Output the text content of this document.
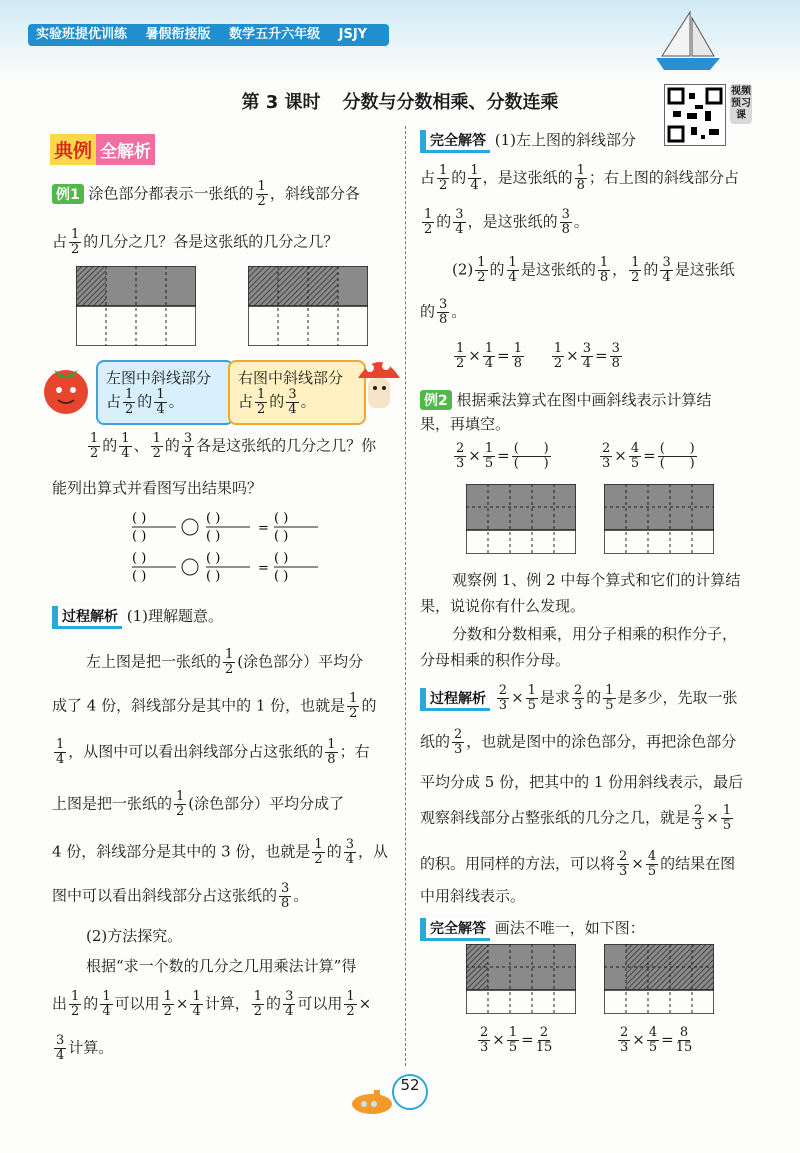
实验班提优训练 暑假衔接版 数学五升六年级 JSJY
第 3 课时 分数与分数相乘、分数连乘
视频预习课
典例 全解析
例1 涂色部分都表示一张纸的 $\frac{1}{2}$ ，斜线部分各
占 $\frac{1}{2}$ 的几分之几？各是这张纸的几分之几？
左图中斜线部分
占 $\frac{1}{2}$ 的 $\frac{1}{4}$ 。
右图中斜线部分
占 $\frac{1}{2}$ 的 $\frac{3}{4}$ 。
$\frac{1}{2}$ 的 $\frac{1}{4}$ 、 $\frac{1}{2}$ 的 $\frac{3}{4}$ 各是这张纸的几分之几？你
能列出算式并看图写出结果吗？
( )
( )
( )
( )
=
( )
( )
( )
( )
( )
( )
=
( )
( )
过程解析 (1)理解题意。
左上图是把一张纸的 $\frac{1}{2}$ (涂色部分）平均分
成了 4 份，斜线部分是其中的 1 份，也就是 $\frac{1}{2}$ 的
$\frac{1}{4}$ ，从图中可以看出斜线部分占这张纸的 $\frac{1}{8}$ ；右
上图是把一张纸的 $\frac{1}{2}$ (涂色部分）平均分成了
4 份，斜线部分是其中的 3 份，也就是 $\frac{1}{2}$ 的 $\frac{3}{4}$ ，从
图中可以看出斜线部分占这张纸的 $\frac{3}{8}$ 。
(2)方法探究。
根据“求一个数的几分之几用乘法计算”得
出 $\frac{1}{2}$ 的 $\frac{1}{4}$ 可以用 $\frac{1}{2} \times \frac{1}{4}$ 计算， $\frac{1}{2}$ 的 $\frac{3}{4}$ 可以用 $\frac{1}{2}$ ×
$\frac{3}{4}$ 计算。
完全解答 (1)左上图的斜线部分
占 $\frac{1}{2}$ 的 $\frac{1}{4}$ ，是这张纸的 $\frac{1}{8}$ ；右上图的斜线部分占
$\frac{1}{2}$ 的 $\frac{3}{4}$ ，是这张纸的 $\frac{3}{8}$ 。
$(2) \frac{1}{2}$ 的 $\frac{1}{4}$ 是这张纸的 $\frac{1}{8}$ ， $\frac{1}{2}$ 的 $\frac{3}{4}$ 是这张纸
的 $\frac{3}{8}$ 。
$\frac{1}{2} \times \frac{1}{4} = \frac{1}{8}$
$\frac{1}{2} \times \frac{3}{4} = \frac{3}{8}$
例2 根据乘法算式在图中画斜线表示计算结
果，再填空。
$\frac{2}{3} \times \frac{1}{5} = \frac{( )}{( )}$	$\frac{2}{3} \times \frac{4}{5} = \frac{( )}{( )}$
观察例 1、例 2 中每个算式和它们的计算结
果，说说你有什么发现。
分数和分数相乘，用分子相乘的积作分子，
分母相乘的积作分母。
过程解析 $\frac{2}{3} \times \frac{1}{5}$ 是求 $\frac{2}{3}$ 的 $\frac{1}{5}$ 是多少，先取一张
纸的 $\frac{2}{3}$ ，也就是图中的涂色部分，再把涂色部分
平均分成 5 份，把其中的 1 份用斜线表示，最后
观察斜线部分占整张纸的几分之几，就是 $\frac{2}{3} \times \frac{1}{5}$
的积。用同样的方法，可以将 $\frac{2}{3} \times \frac{4}{5}$ 的结果在图
中用斜线表示。
完全解答 画法不唯一，如下图：
$\frac{2}{3} \times \frac{1}{5} = \frac{2}{15}$	$\frac{2}{3} \times \frac{4}{5} = \frac{8}{15}$
52
